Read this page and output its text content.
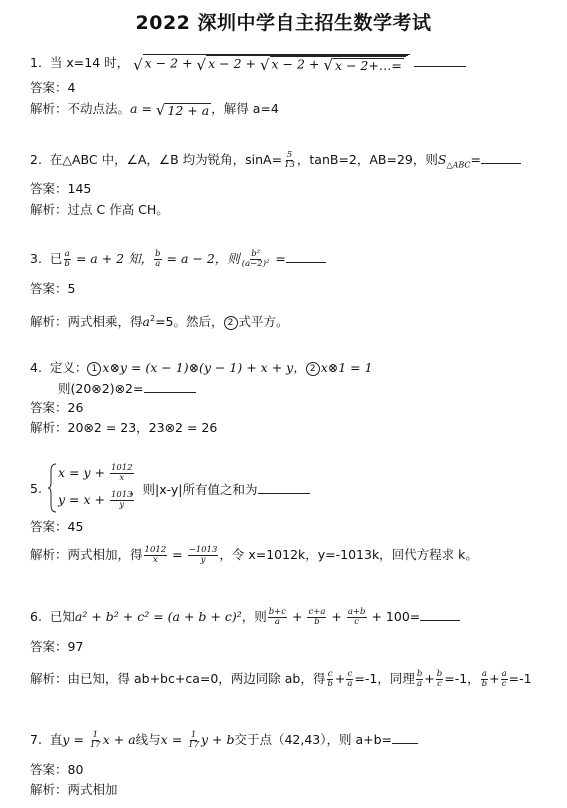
2022 深圳中学自主招生数学考试
1. 当 x=14 时， √ x − 2 + √ x − 2 + √ x − 2 + √ x − 2+…=

答案：4
解析：不动点法。a = √ 12 + a ，解得 a=4
2. 在△ABC 中，∠A，∠B 均为锐角，$\sin A= \frac{5}{13}$ ，tanB=2，AB=29，则$S_{\triangle ABC}=$
答案：145
解析：过点 C 作高 CH。
3. 已 $\frac{a}{b} = a + 2$ 知， $\frac{b}{a} = a - 2$，则 $\frac{\text{b²}}{\text{(a−2)²}}$ =
答案：5
解析：两式相乘，得$a^2=5$。然后， 2 式平方。
4. 定义： 1 x⊗y = (x − 1)⊗(y − 1) + x + y， 2 x⊗1 = 1
则(20⊗2)⊗2=
答案：26
解析：20⊗2 = 23，23⊗2 = 26
5.
$x = y + \frac{1012}{x}$
$y = x + \frac{1013}{y}$
，则|x-y|所有值之和为
答案：45
解析：两式相加，得 $\frac{1012}{x} = \frac{-1013}{y}$ ，令 x=1012k，y=-1013k，回代方程求 k。
6. 已知a² + b² + c² = (a + b + c)²，则 $\frac{b+c}{a} + \frac{c+a}{b} + \frac{a+b}{c} + 100=$
答案：97
解析：由已知，得 ab+bc+ca=0，两边同除 ab，得 $\frac{c}{b} + \frac{c}{a} =-1$，同理 $\frac{b}{a} + \frac{b}{c} =-1$， $\frac{a}{b} + \frac{a}{c} =-1$
7. 直$y = \frac{1}{17}$ x + a线与$x = \frac{1}{17}$ y + b交于点（42,43），则 a+b=
答案：80
解析：两式相加
